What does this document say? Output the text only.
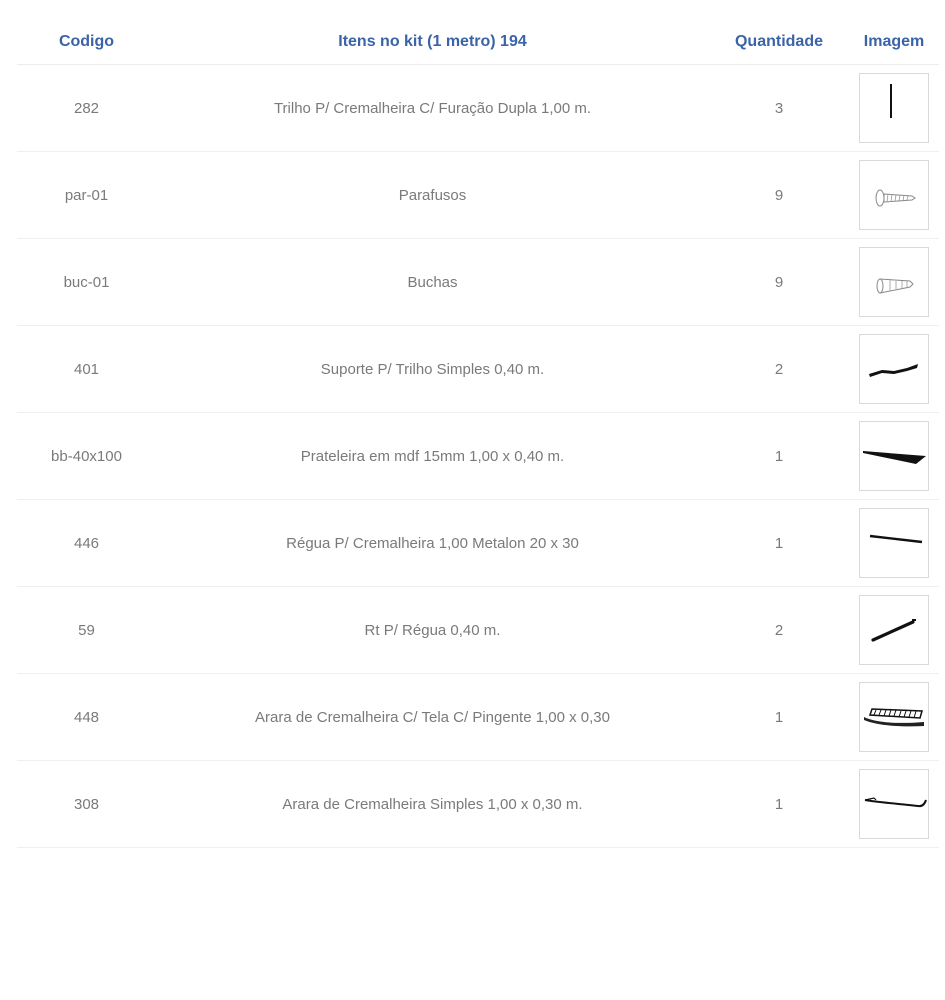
Codigo	Itens no kit (1 metro) 194	Quantidade	Imagem
282	Trilho P/ Cremalheira C/ Furação Dupla 1,00 m.	3	

par-01	Parafusos	9	

buc-01	Buchas	9	

401	Suporte P/ Trilho Simples 0,40 m.	2	

bb-40x100	Prateleira em mdf 15mm 1,00 x 0,40 m.	1	

446	Régua P/ Cremalheira 1,00 Metalon 20 x 30	1	

59	Rt P/ Régua 0,40 m.	2	

448	Arara de Cremalheira C/ Tela C/ Pingente 1,00 x 0,30	1	

308	Arara de Cremalheira Simples 1,00 x 0,30 m.	1	
